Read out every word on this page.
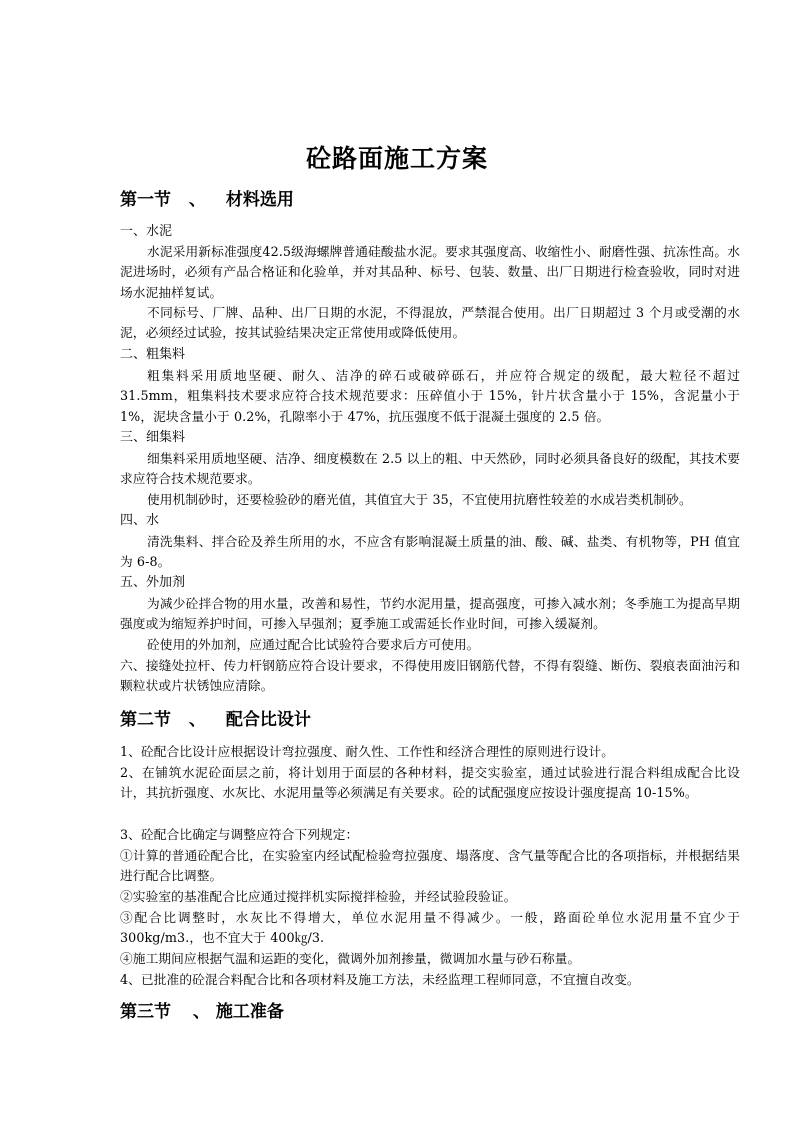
砼路面施工方案
第一节 、 材料选用

一、水泥

水泥采用新标准强度42.5级海螺牌普通硅酸盐水泥。要求其强度高、收缩性小、耐磨性强、抗冻性高。水泥进场时，必须有产品合格证和化验单，并对其品种、标号、包装、数量、出厂日期进行检查验收，同时对进场水泥抽样复试。

不同标号、厂牌、品种、出厂日期的水泥，不得混放，严禁混合使用。出厂日期超过 3 个月或受潮的水泥，必须经过试验，按其试验结果决定正常使用或降低使用。

二、粗集料

粗集料采用质地坚硬、耐久、洁净的碎石或破碎砾石，并应符合规定的级配，最大粒径不超过 31.5mm，粗集料技术要求应符合技术规范要求：压碎值小于 15%，针片状含量小于 15%，含泥量小于 1%，泥块含量小于 0.2%，孔隙率小于 47%，抗压强度不低于混凝土强度的 2.5 倍。

三、细集料

细集料采用质地坚硬、洁净、细度模数在 2.5 以上的粗、中天然砂，同时必须具备良好的级配，其技术要求应符合技术规范要求。

使用机制砂时，还要检验砂的磨光值，其值宜大于 35，不宜使用抗磨性较差的水成岩类机制砂。

四、水

清洗集料、拌合砼及养生所用的水，不应含有影响混凝土质量的油、酸、碱、盐类、有机物等，PH 值宜为 6-8。

五、外加剂

为减少砼拌合物的用水量，改善和易性，节约水泥用量，提高强度，可掺入减水剂；冬季施工为提高早期强度或为缩短养护时间，可掺入早强剂；夏季施工或需延长作业时间，可掺入缓凝剂。

砼使用的外加剂，应通过配合比试验符合要求后方可使用。

六、接缝处拉杆、传力杆钢筋应符合设计要求，不得使用废旧钢筋代替，不得有裂缝、断伤、裂痕表面油污和颗粒状或片状锈蚀应清除。

第二节 、 配合比设计

1、砼配合比设计应根据设计弯拉强度、耐久性、工作性和经济合理性的原则进行设计。

2、在铺筑水泥砼面层之前，将计划用于面层的各种材料，提交实验室，通过试验进行混合料组成配合比设计，其抗折强度、水灰比、水泥用量等必须满足有关要求。砼的试配强度应按设计强度提高 10-15%。

3、砼配合比确定与调整应符合下列规定：

①计算的普通砼配合比，在实验室内经试配检验弯拉强度、塌落度、含气量等配合比的各项指标，并根据结果进行配合比调整。

②实验室的基准配合比应通过搅拌机实际搅拌检验，并经试验段验证。

③配合比调整时，水灰比不得增大，单位水泥用量不得减少。一般，路面砼单位水泥用量不宜少于 300kg/m3.，也不宜大于 400㎏/3.

④施工期间应根据气温和运距的变化，微调外加剂掺量，微调加水量与砂石称量。

4、已批准的砼混合料配合比和各项材料及施工方法，未经监理工程师同意，不宜擅自改变。

第三节 、 施工准备
